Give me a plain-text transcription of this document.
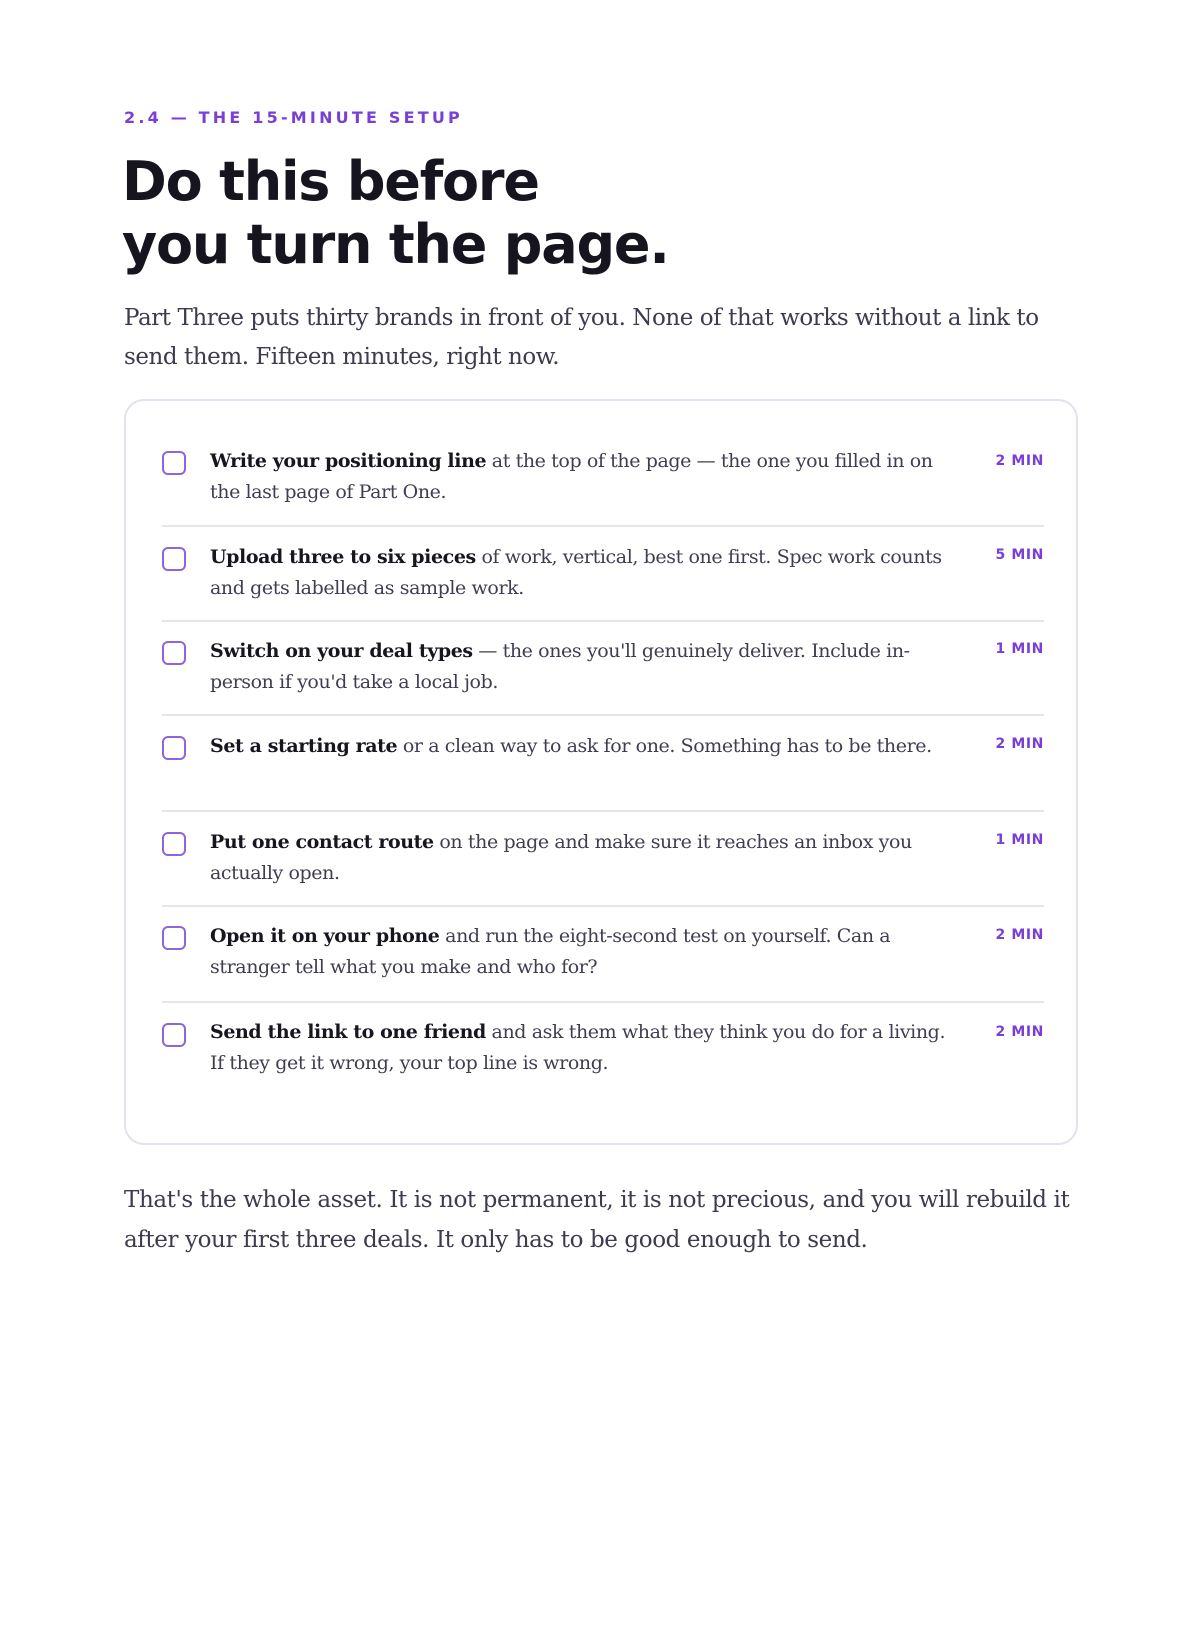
2.4 — THE 15-MINUTE SETUP
Do this before
you turn the page.

Part Three puts thirty brands in front of you. None of that works without a link to send them. Fifteen minutes, right now.

Write your positioning line at the top of the page — the one you filled in on the last page of Part One.

2 MIN

Upload three to six pieces of work, vertical, best one first. Spec work counts and gets labelled as sample work.

5 MIN

Switch on your deal types — the ones you'll genuinely deliver. Include in-person if you'd take a local job.

1 MIN

Set a starting rate or a clean way to ask for one. Something has to be there.	2 MIN

Put one contact route on the page and make sure it reaches an inbox you actually open.

1 MIN

Open it on your phone and run the eight-second test on yourself. Can a stranger tell what you make and who for?

2 MIN

Send the link to one friend and ask them what they think you do for a living. If they get it wrong, your top line is wrong.

2 MIN

That's the whole asset. It is not permanent, it is not precious, and you will rebuild it after your first three deals. It only has to be good enough to send.
